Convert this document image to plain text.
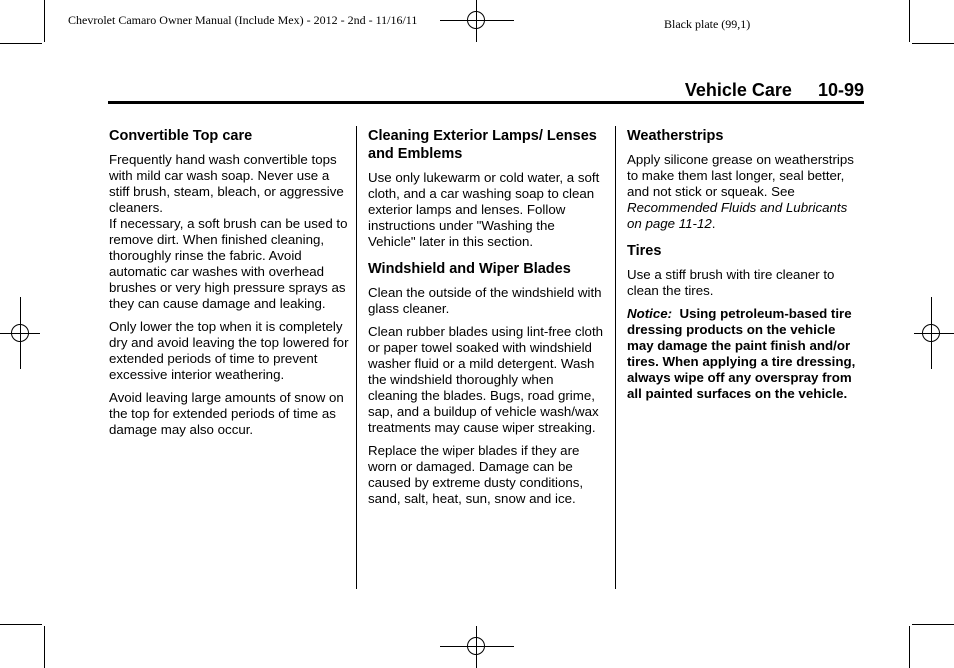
Chevrolet Camaro Owner Manual (Include Mex) - 2012 - 2nd - 11/16/11	Black plate (99,1)
Vehicle Care 10-99
Convertible Top care

Frequently hand wash convertible tops with mild car wash soap. Never use a stiff brush, steam, bleach, or aggressive cleaners.

If necessary, a soft brush can be used to remove dirt. When finished cleaning, thoroughly rinse the fabric. Avoid automatic car washes with overhead brushes or very high pressure sprays as they can cause damage and leaking.

Only lower the top when it is completely dry and avoid leaving the top lowered for extended periods of time to prevent excessive interior weathering.

Avoid leaving large amounts of snow on the top for extended periods of time as damage may also occur.

Cleaning Exterior Lamps/ Lenses and Emblems

Use only lukewarm or cold water, a soft cloth, and a car washing soap to clean exterior lamps and lenses. Follow instructions under "Washing the Vehicle" later in this section.

Windshield and Wiper Blades

Clean the outside of the windshield with glass cleaner.

Clean rubber blades using lint-free cloth or paper towel soaked with windshield washer fluid or a mild detergent. Wash the windshield thoroughly when cleaning the blades. Bugs, road grime, sap, and a buildup of vehicle wash/wax treatments may cause wiper streaking.

Replace the wiper blades if they are worn or damaged. Damage can be caused by extreme dusty conditions, sand, salt, heat, sun, snow and ice.

Weatherstrips

Apply silicone grease on weatherstrips to make them last longer, seal better, and not stick or squeak. See Recommended Fluids and Lubricants on page 11-12.

Tires

Use a stiff brush with tire cleaner to clean the tires.

Notice: Using petroleum-based tire dressing products on the vehicle may damage the paint finish and/or tires. When applying a tire dressing, always wipe off any overspray from all painted surfaces on the vehicle.
